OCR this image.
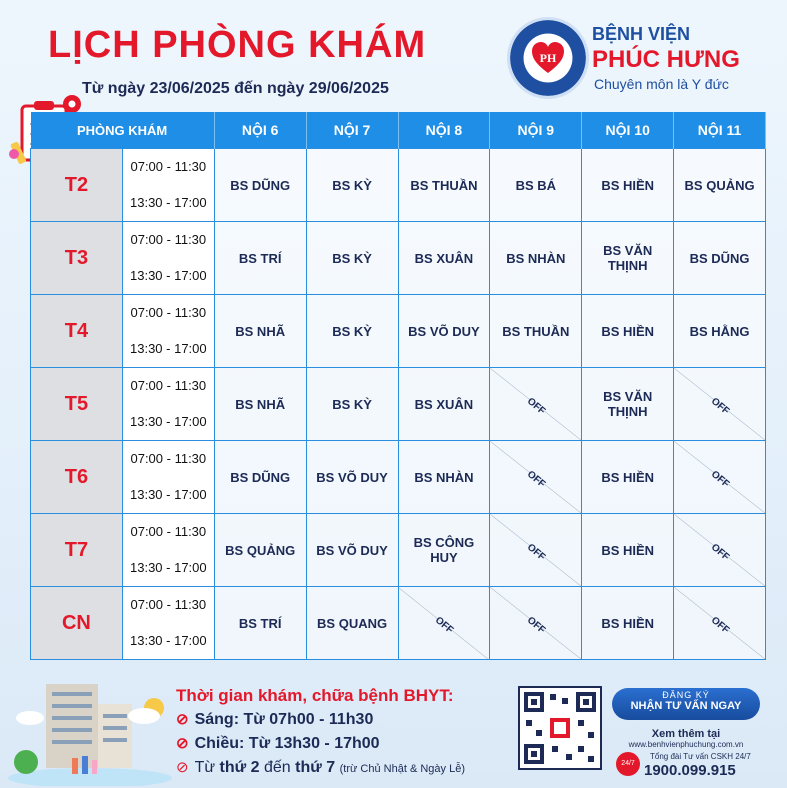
LỊCH PHÒNG KHÁM
Từ ngày 23/06/2025 đến ngày 29/06/2025
PH
BỆNH VIỆN
PHÚC HƯNG
Chuyên môn là Y đức
PHÒNG KHÁM		NỘI 6	NỘI 7	NỘI 8	NỘI 9	NỘI 10	NỘI 11
T2	07:00 - 11:30
13:30 - 17:00	BS DŨNG	BS KỲ	BS THUẦN	BS BÁ	BS HIỀN	BS QUẢNG
T3	07:00 - 11:30
13:30 - 17:00	BS TRÍ	BS KỲ	BS XUÂN	BS NHÀN	BS VĂN THỊNH	BS DŨNG
T4	07:00 - 11:30
13:30 - 17:00	BS NHÃ	BS KỲ	BS VÕ DUY	BS THUẦN	BS HIỀN	BS HẰNG
T5	07:00 - 11:30
13:30 - 17:00	BS NHÃ	BS KỲ	BS XUÂN	OFF	BS VĂN THỊNH	OFF
T6	07:00 - 11:30
13:30 - 17:00	BS DŨNG	BS VÕ DUY	BS NHÀN	OFF	BS HIỀN	OFF
T7	07:00 - 11:30
13:30 - 17:00	BS QUẢNG	BS VÕ DUY	BS CÔNG HUY	OFF	BS HIỀN	OFF
CN	07:00 - 11:30
13:30 - 17:00	BS TRÍ	BS QUANG	OFF	OFF	BS HIỀN	OFF
Thời gian khám, chữa bệnh BHYT:
⊘ Sáng: Từ 07h00 - 11h30
⊘ Chiều: Từ 13h30 - 17h00
⊘ Từ thứ 2 đến thứ 7 (trừ Chủ Nhật & Ngày Lễ)
ĐĂNG KÝ
NHẬN TƯ VẤN NGAY
Xem thêm tại
www.benhvienphuchung.com.vn
24/7
Tổng đài Tư vấn CSKH 24/7
1900.099.915
